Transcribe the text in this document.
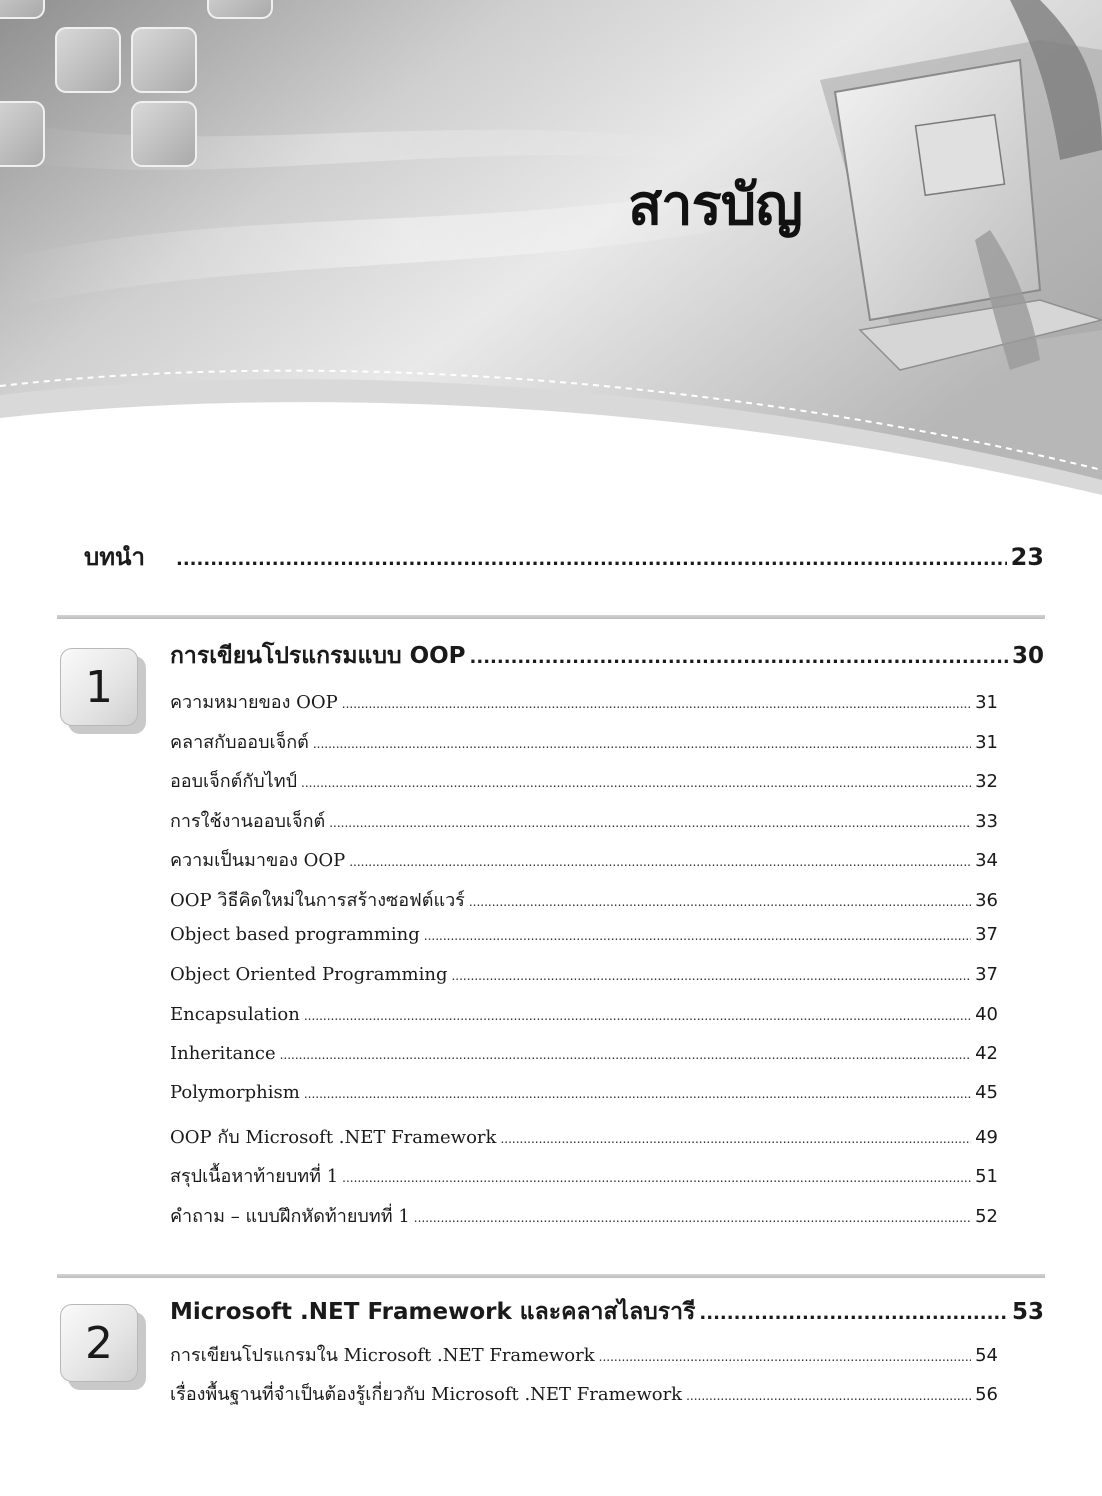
สารบัญ
บทนำ .....	23
1
การเขียนโปรแกรมแบบ OOP .....	30
ความหมายของ OOP .....	31
คลาสกับออบเจ็กต์ .....	31
ออบเจ็กต์กับไทป์ .....	32
การใช้งานออบเจ็กต์ .....	33
ความเป็นมาของ OOP .....	34
OOP วิธีคิดใหม่ในการสร้างซอฟต์แวร์ .....	36
Object based programming .....	37
Object Oriented Programming .....	37
Encapsulation .....	40
Inheritance .....	42
Polymorphism .....	45
OOP กับ Microsoft .NET Framework .....	49
สรุปเนื้อหาท้ายบทที่ 1 .....	51
คำถาม – แบบฝึกหัดท้ายบทที่ 1 .....	52
2
Microsoft .NET Framework และคลาสไลบรารี .....	53
การเขียนโปรแกรมใน Microsoft .NET Framework .....	54
เรื่องพื้นฐานที่จำเป็นต้องรู้เกี่ยวกับ Microsoft .NET Framework .....	56
